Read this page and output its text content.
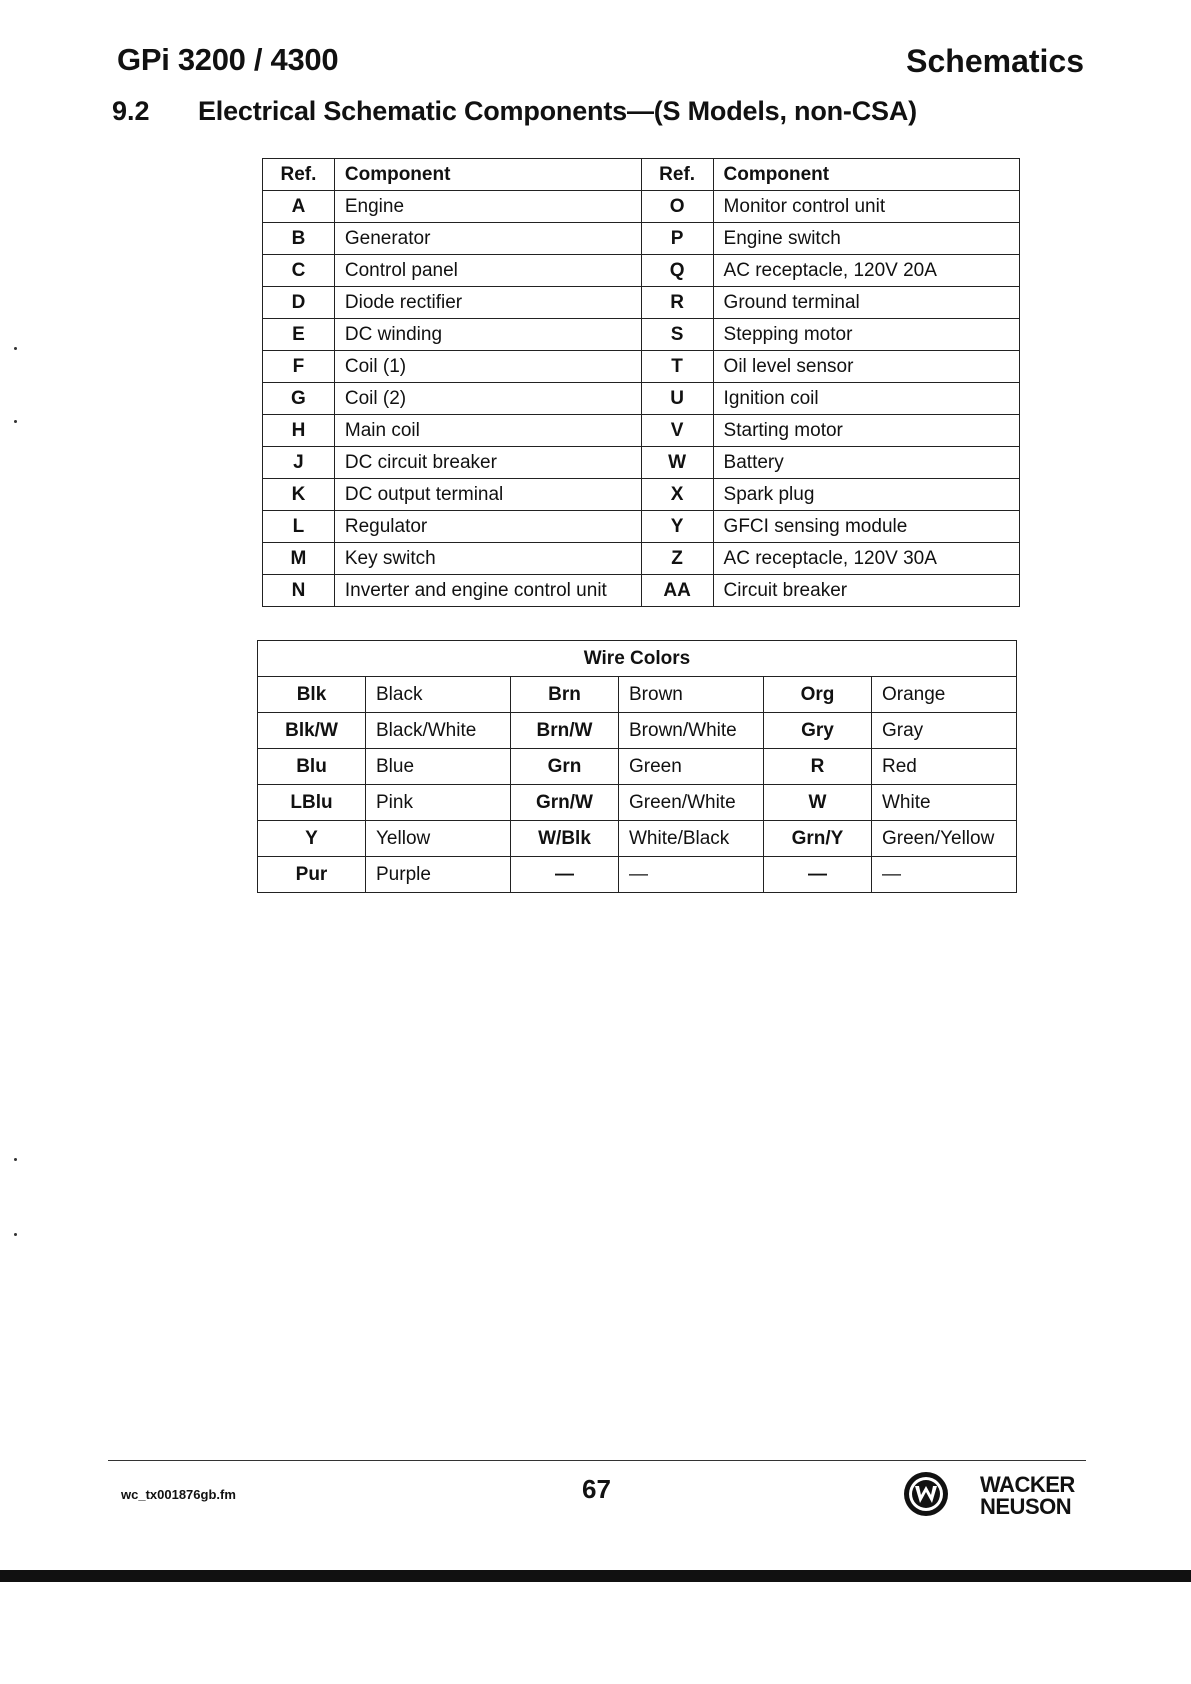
GPi 3200 / 4300	Schematics
9.2 Electrical Schematic Components—(S Models, non-CSA)
Ref.	Component	Ref.	Component
A	Engine	O	Monitor control unit
B	Generator	P	Engine switch
C	Control panel	Q	AC receptacle, 120V 20A
D	Diode rectifier	R	Ground terminal
E	DC winding	S	Stepping motor
F	Coil (1)	T	Oil level sensor
G	Coil (2)	U	Ignition coil
H	Main coil	V	Starting motor
J	DC circuit breaker	W	Battery
K	DC output terminal	X	Spark plug
L	Regulator	Y	GFCI sensing module
M	Key switch	Z	AC receptacle, 120V 30A
N	Inverter and engine control unit	AA	Circuit breaker
Wire Colors					
Blk	Black	Brn	Brown	Org	Orange
Blk/W	Black/White	Brn/W	Brown/White	Gry	Gray
Blu	Blue	Grn	Green	R	Red
LBlu	Pink	Grn/W	Green/White	W	White
Y	Yellow	W/Blk	White/Black	Grn/Y	Green/Yellow
Pur	Purple	—	—	—	—
wc_tx001876gb.fm	67	WACKER
NEUSON
